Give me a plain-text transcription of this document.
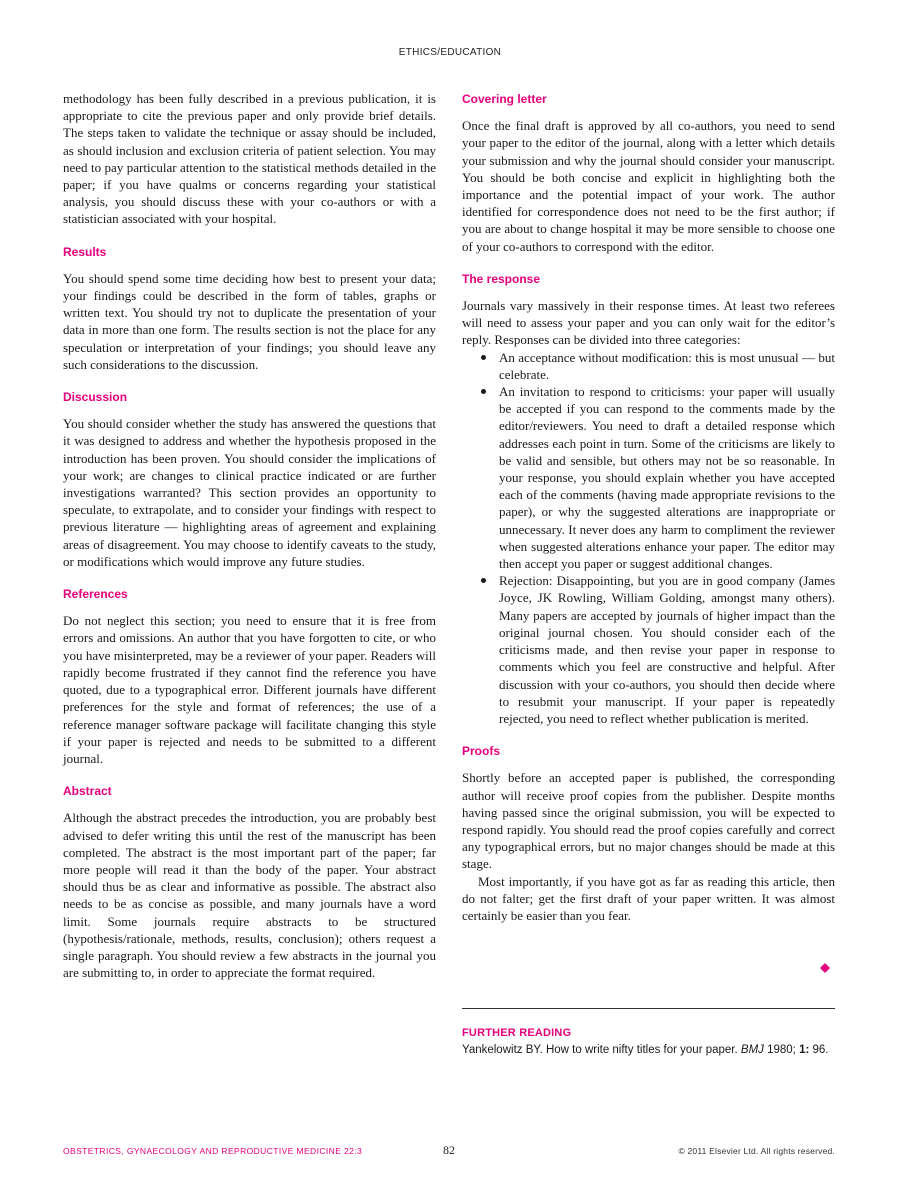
ETHICS/EDUCATION

methodology has been fully described in a previous publication, it is appropriate to cite the previous paper and only provide brief details. The steps taken to validate the technique or assay should be included, as should inclusion and exclusion criteria of patient selection. You may need to pay particular attention to the statistical methods detailed in the paper; if you have qualms or concerns regarding your statistical analysis, you should discuss these with your co-authors or with a statistician associated with your hospital.

Results

You should spend some time deciding how best to present your data; your findings could be described in the form of tables, graphs or written text. You should try not to duplicate the presentation of your data in more than one form. The results section is not the place for any speculation or interpretation of your findings; you should leave any such considerations to the discussion.

Discussion

You should consider whether the study has answered the questions that it was designed to address and whether the hypothesis proposed in the introduction has been proven. You should consider the implications of your work; are changes to clinical practice indicated or are further investigations warranted? This section provides an opportunity to speculate, to extrapolate, and to consider your findings with respect to previous literature — highlighting areas of agreement and explaining areas of disagreement. You may choose to identify caveats to the study, or modifications which would improve any future studies.

References

Do not neglect this section; you need to ensure that it is free from errors and omissions. An author that you have forgotten to cite, or who you have misinterpreted, may be a reviewer of your paper. Readers will rapidly become frustrated if they cannot find the reference you have quoted, due to a typographical error. Different journals have different preferences for the style and format of references; the use of a reference manager software package will facilitate changing this style if your paper is rejected and needs to be submitted to a different journal.

Abstract

Although the abstract precedes the introduction, you are probably best advised to defer writing this until the rest of the manuscript has been completed. The abstract is the most important part of the paper; far more people will read it than the body of the paper. Your abstract should thus be as clear and informative as possible. The abstract also needs to be as concise as possible, and many journals have a word limit. Some journals require abstracts to be structured (hypothesis/rationale, methods, results, conclusion); others request a single paragraph. You should review a few abstracts in the journal you are submitting to, in order to appreciate the format required.

Covering letter

Once the final draft is approved by all co-authors, you need to send your paper to the editor of the journal, along with a letter which details your submission and why the journal should consider your manuscript. You should be both concise and explicit in highlighting both the importance and the potential impact of your work. The author identified for correspondence does not need to be the first author; if you are about to change hospital it may be more sensible to choose one of your co-authors to correspond with the editor.

The response

Journals vary massively in their response times. At least two referees will need to assess your paper and you can only wait for the editor’s reply. Responses can be divided into three categories:

An acceptance without modification: this is most unusual — but celebrate.
An invitation to respond to criticisms: your paper will usually be accepted if you can respond to the comments made by the editor/reviewers. You need to draft a detailed response which addresses each point in turn. Some of the criticisms are likely to be valid and sensible, but others may not be so reasonable. In your response, you should explain whether you have accepted each of the comments (having made appropriate revisions to the paper), or why the suggested alterations are inappropriate or unnecessary. It never does any harm to compliment the reviewer when suggested alterations enhance your paper. The editor may then accept you paper or suggest additional changes.
Rejection: Disappointing, but you are in good company (James Joyce, JK Rowling, William Golding, amongst many others). Many papers are accepted by journals of higher impact than the original journal chosen. You should consider each of the criticisms made, and then revise your paper in response to comments which you feel are constructive and helpful. After discussion with your co-authors, you should then decide where to resubmit your manuscript. If your paper is repeatedly rejected, you need to reflect whether publication is merited.
Proofs

Shortly before an accepted paper is published, the corresponding author will receive proof copies from the publisher. Despite months having passed since the original submission, you will be expected to respond rapidly. You should read the proof copies carefully and correct any typographical errors, but no major changes should be made at this stage.

Most importantly, if you have got as far as reading this article, then do not falter; get the first draft of your paper written. It was almost certainly be easier than you fear.

FURTHER READING
Yankelowitz BY. How to write nifty titles for your paper. BMJ 1980; 1: 96.
OBSTETRICS, GYNAECOLOGY AND REPRODUCTIVE MEDICINE 22:3	82	© 2011 Elsevier Ltd. All rights reserved.
